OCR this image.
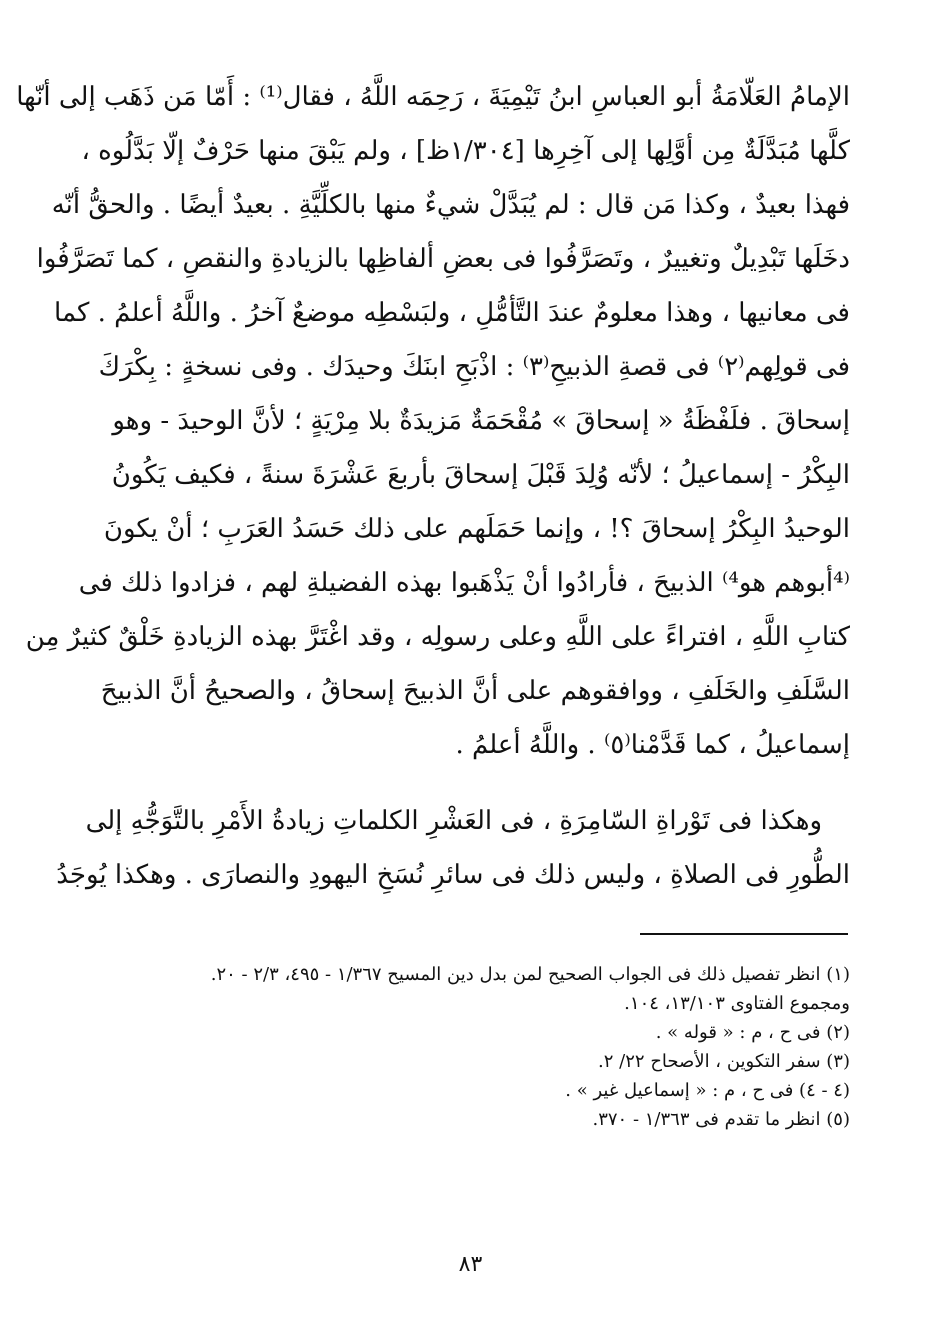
الإمامُ العَلّامَةُ أبو العباسِ ابنُ تَيْمِيَةَ ، رَحِمَه اللَّهُ ، فقال⁽¹⁾ : أَمّا مَن ذَهَب إلى أنّها
كلَّها مُبَدَّلَةٌ مِن أوَّلِها إلى آخِرِها [١/٣٠٤ظ] ، ولم يَبْقَ منها حَرْفٌ إلّا بَدَّلُوه ،
فهذا بعيدٌ ، وكذا مَن قال : لم يُبَدَّلْ شيءٌ منها بالكلِّيَّةِ . بعيدٌ أيضًا . والحقُّ أنّه
دخَلَها تَبْدِيلٌ وتغييرٌ ، وتَصَرَّفُوا فى بعضِ ألفاظِها بالزيادةِ والنقصِ ، كما تَصَرَّفُوا
فى معانيها ، وهذا معلومٌ عندَ التَّأمُّلِ ، ولبَسْطِه موضعٌ آخرُ . واللَّهُ أعلمُ . كما
فى قولِهم⁽٢⁾ فى قصةِ الذبيحِ⁽٣⁾ : اذْبَحِ ابنَكَ وحيدَك . وفى نسخةٍ : بِكْرَكَ
إسحاقَ . فلَفْظَةُ « إسحاقَ » مُقْحَمَةٌ مَزيدَةٌ بلا مِرْيَةٍ ؛ لأنَّ الوحيدَ - وهو
البِكْرُ - إسماعيلُ ؛ لأنّه وُلِدَ قَبْلَ إسحاقَ بأربعَ عَشْرَةَ سنةً ، فكيف يَكُونُ
الوحيدُ البِكْرُ إسحاقَ ؟! ، وإنما حَمَلَهم على ذلك حَسَدُ العَرَبِ ؛ أنْ يكونَ
⁽⁴أبوهم هو⁴⁾ الذبيحَ ، فأرادُوا أنْ يَذْهَبوا بهذه الفضيلةِ لهم ، فزادوا ذلك فى
كتابِ اللَّهِ ، افتراءً على اللَّهِ وعلى رسولِه ، وقد اغْتَرَّ بهذه الزيادةِ خَلْقٌ كثيرٌ مِن
السَّلَفِ والخَلَفِ ، ووافقوهم على أنَّ الذبيحَ إسحاقُ ، والصحيحُ أنَّ الذبيحَ
إسماعيلُ ، كما قَدَّمْنا⁽٥⁾ . واللَّهُ أعلمُ .
وهكذا فى تَوْراةِ السّامِرَةِ ، فى العَشْرِ الكلماتِ زيادةُ الأَمْرِ بالتَّوَجُّهِ إلى
الطُّورِ فى الصلاةِ ، وليس ذلك فى سائرِ نُسَخِ اليهودِ والنصارَى . وهكذا يُوجَدُ
(١) انظر تفصيل ذلك فى الجواب الصحيح لمن بدل دين المسيح ١/٣٦٧ - ٤٩٥، ٢/٣ - ٢٠.
ومجموع الفتاوى ١٣/١٠٣، ١٠٤.
(٢) فى ح ، م : « قوله » .
(٣) سفر التكوين ، الأصحاح ٢٢/ ٢.
(٤ - ٤) فى ح ، م : « إسماعيل غير » .
(٥) انظر ما تقدم فى ١/٣٦٣ - ٣٧٠.
٨٣
